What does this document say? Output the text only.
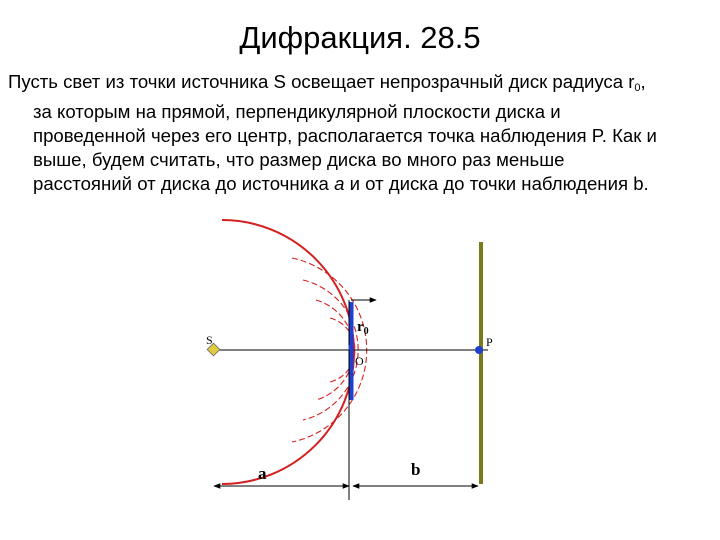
Дифракция. 28.5
Пусть свет из точки источника S освещает непрозрачный диск радиуса $r_0$,
за которым на прямой, перпендикулярной плоскости диска и
проведенной через его центр, располагается точка наблюдения P. Как и
выше, будем считать, что размер диска во много раз меньше
расстояний от диска до источника a и от диска до точки наблюдения b.
S	P
O
$r_0$
a	b
